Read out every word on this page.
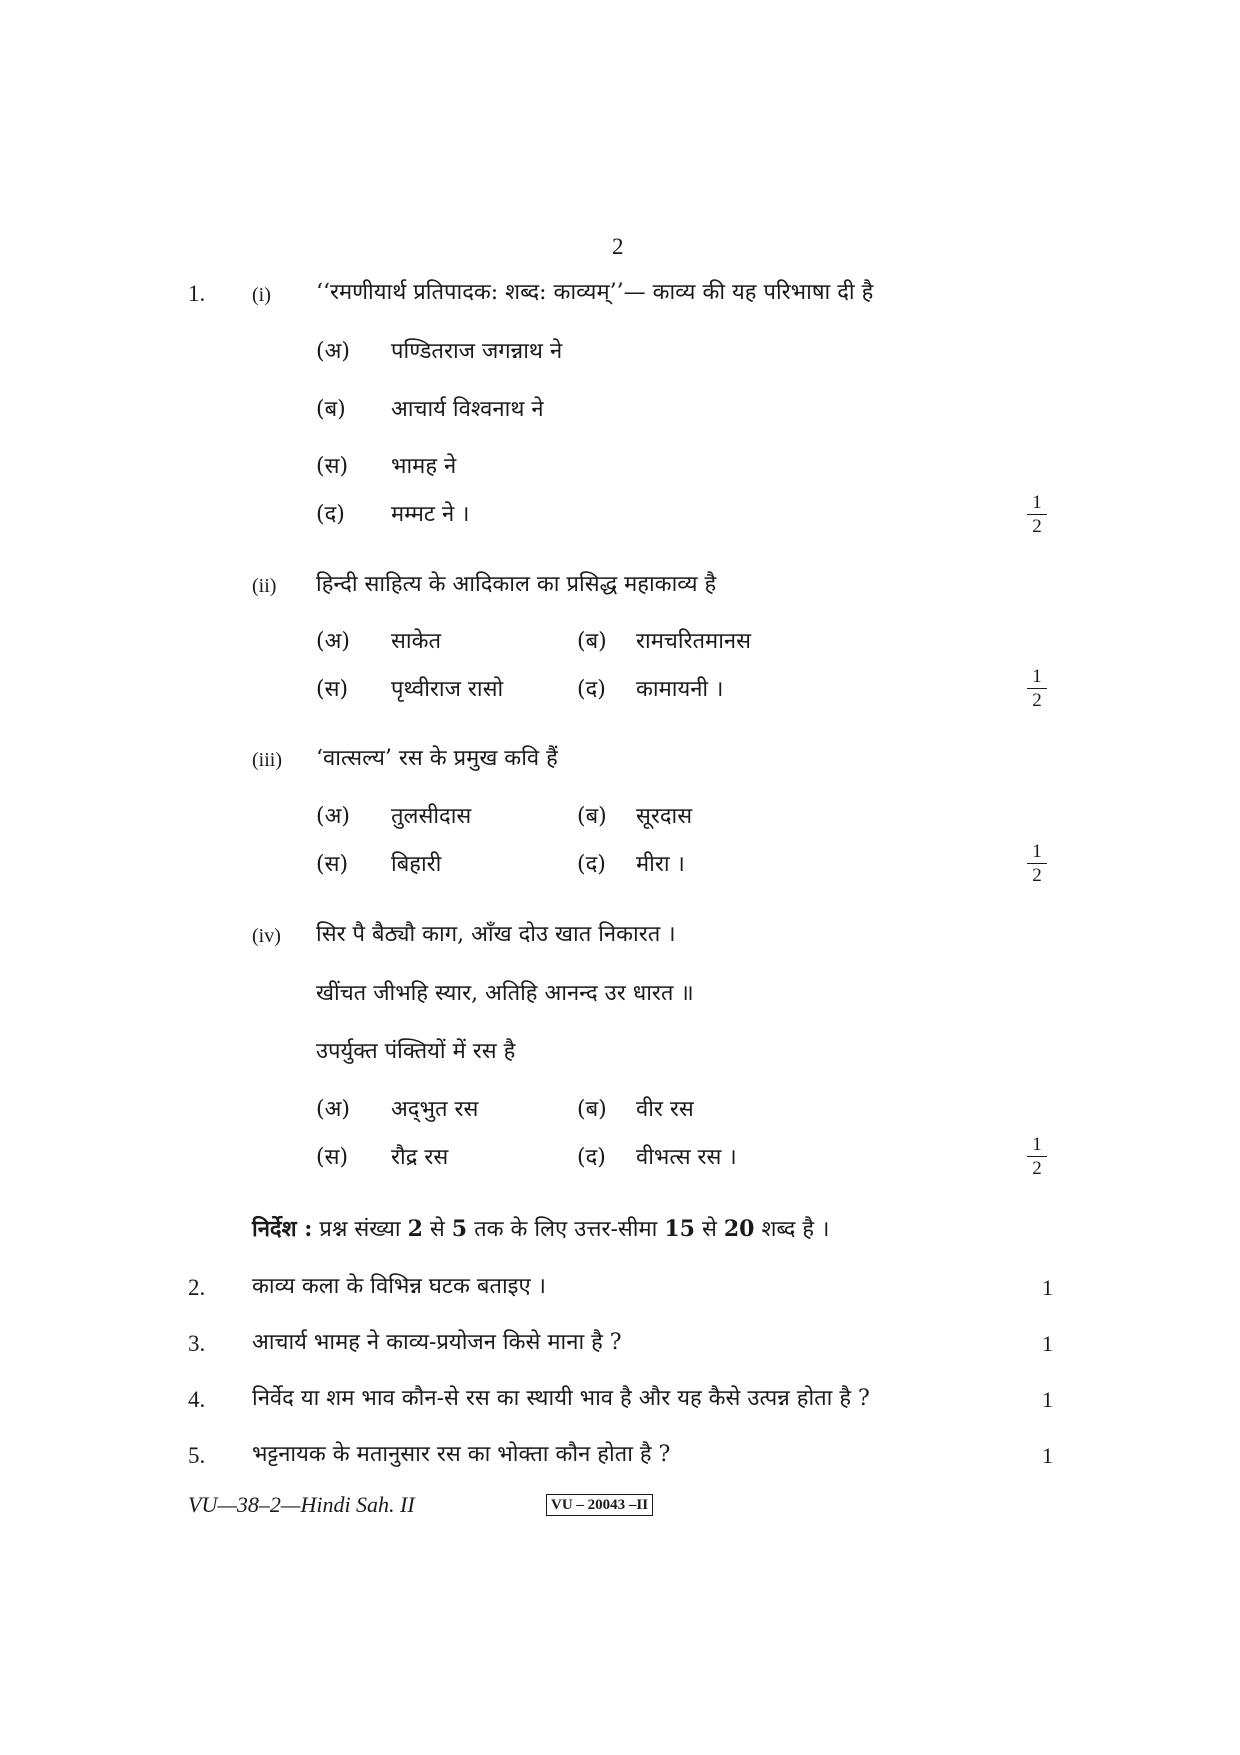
2
1. (i) ‘‘रमणीयार्थ प्रतिपादक: शब्द: काव्यम्’’— काव्य की यह परिभाषा दी है
(अ) पण्डितराज जगन्नाथ ने
(ब) आचार्य विश्वनाथ ने
(स) भामह ने
(द) मम्मट ने ।	1
2
(ii) हिन्दी साहित्य के आदिकाल का प्रसिद्ध महाकाव्य है
(अ) साकेत	(ब) रामचरितमानस
(स) पृथ्वीराज रासो	(द) कामायनी ।
1
2
(iii) ‘वात्सल्य’ रस के प्रमुख कवि हैं
(अ) तुलसीदास	(ब) सूरदास
(स) बिहारी	(द) मीरा ।
1
2
(iv) सिर पै बैठ्यौ काग, आँख दोउ खात निकारत ।
खींचत जीभहि स्यार, अतिहि आनन्द उर धारत ॥
उपर्युक्त पंक्तियों में रस है
(अ) अद्‌भुत रस	(ब) वीर रस
(स) रौद्र रस	(द) वीभत्स रस ।
1
2
निर्देश : प्रश्न संख्या 2 से 5 तक के लिए उत्तर-सीमा 15 से 20 शब्द है ।
2. काव्य कला के विभिन्न घटक बताइए ।	1
3. आचार्य भामह ने काव्य-प्रयोजन किसे माना है ?	1
4. निर्वेद या शम भाव कौन-से रस का स्थायी भाव है और यह कैसे उत्पन्न होता है ?	1
5. भट्टनायक के मतानुसार रस का भोक्ता कौन होता है ?	1
VU—38–2—Hindi Sah. II	VU – 20043 –II
